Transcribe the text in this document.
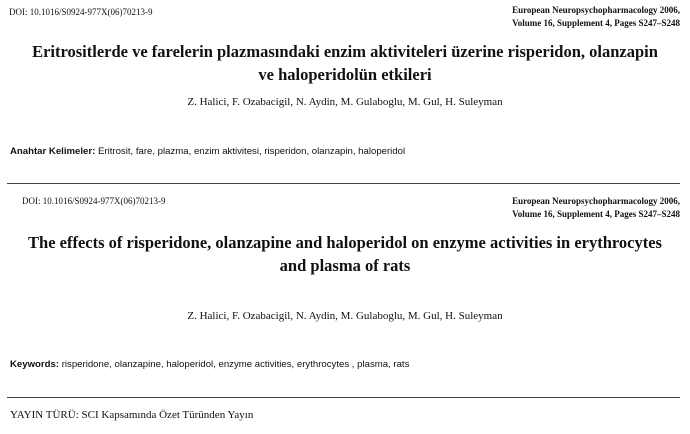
DOI: 10.1016/S0924-977X(06)70213-9	European Neuropsychopharmacology 2006,
Volume 16, Supplement 4, Pages S247–S248
Eritrositlerde ve farelerin plazmasındaki enzim aktiviteleri üzerine risperidon, olanzapin
ve haloperidolün etkileri
Z. Halici, F. Ozabacigil, N. Aydin, M. Gulaboglu, M. Gul, H. Suleyman
Anahtar Kelimeler: Eritrosit, fare, plazma, enzim aktivitesi, risperidon, olanzapin, haloperidol
DOI: 10.1016/S0924-977X(06)70213-9	European Neuropsychopharmacology 2006,
Volume 16, Supplement 4, Pages S247–S248
The effects of risperidone, olanzapine and haloperidol on enzyme activities in erythrocytes
and plasma of rats
Z. Halici, F. Ozabacigil, N. Aydin, M. Gulaboglu, M. Gul, H. Suleyman
Keywords: risperidone, olanzapine, haloperidol, enzyme activities, erythrocytes , plasma, rats
YAYIN TÜRÜ: SCI Kapsamında Özet Türünden Yayın
